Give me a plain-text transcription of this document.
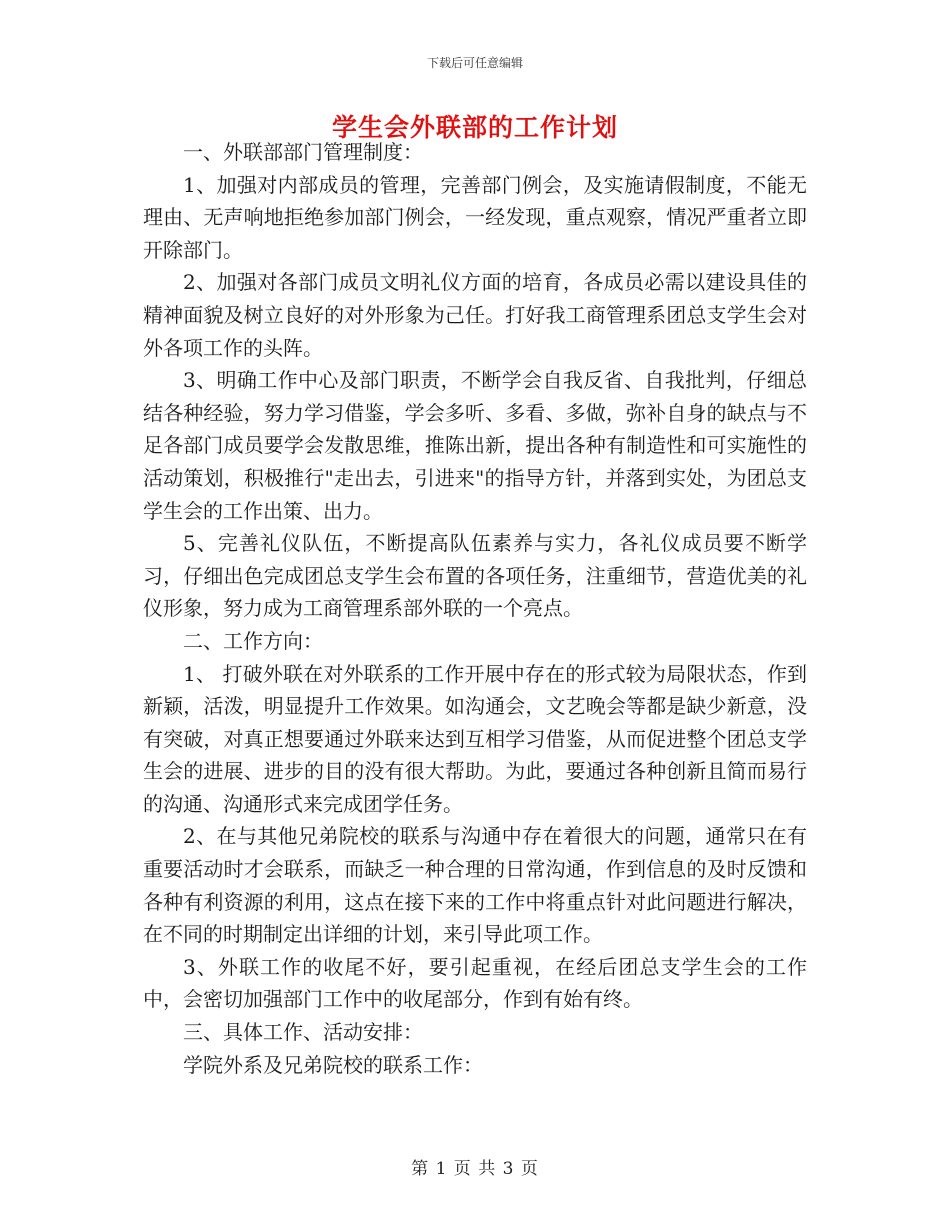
下载后可任意编辑
学生会外联部的工作计划

一、外联部部门管理制度：

1、加强对内部成员的管理，完善部门例会，及实施请假制度，不能无理由、无声响地拒绝参加部门例会，一经发现，重点观察，情况严重者立即开除部门。

2、加强对各部门成员文明礼仪方面的培育，各成员必需以建设具佳的精神面貌及树立良好的对外形象为己任。打好我工商管理系团总支学生会对外各项工作的头阵。

3、明确工作中心及部门职责，不断学会自我反省、自我批判，仔细总结各种经验，努力学习借鉴，学会多听、多看、多做，弥补自身的缺点与不足各部门成员要学会发散思维，推陈出新，提出各种有制造性和可实施性的活动策划，积极推行"走出去，引进来"的指导方针，并落到实处，为团总支学生会的工作出策、出力。

5、完善礼仪队伍，不断提高队伍素养与实力，各礼仪成员要不断学习，仔细出色完成团总支学生会布置的各项任务，注重细节，营造优美的礼仪形象，努力成为工商管理系部外联的一个亮点。

二、工作方向：

1、 打破外联在对外联系的工作开展中存在的形式较为局限状态，作到新颖，活泼，明显提升工作效果。如沟通会，文艺晚会等都是缺少新意，没有突破，对真正想要通过外联来达到互相学习借鉴，从而促进整个团总支学生会的进展、进步的目的没有很大帮助。为此，要通过各种创新且简而易行的沟通、沟通形式来完成团学任务。

2、在与其他兄弟院校的联系与沟通中存在着很大的问题，通常只在有重要活动时才会联系，而缺乏一种合理的日常沟通，作到信息的及时反馈和各种有利资源的利用，这点在接下来的工作中将重点针对此问题进行解决，在不同的时期制定出详细的计划，来引导此项工作。

3、外联工作的收尾不好，要引起重视，在经后团总支学生会的工作中，会密切加强部门工作中的收尾部分，作到有始有终。

三、具体工作、活动安排：

学院外系及兄弟院校的联系工作：

第 1 页 共 3 页
